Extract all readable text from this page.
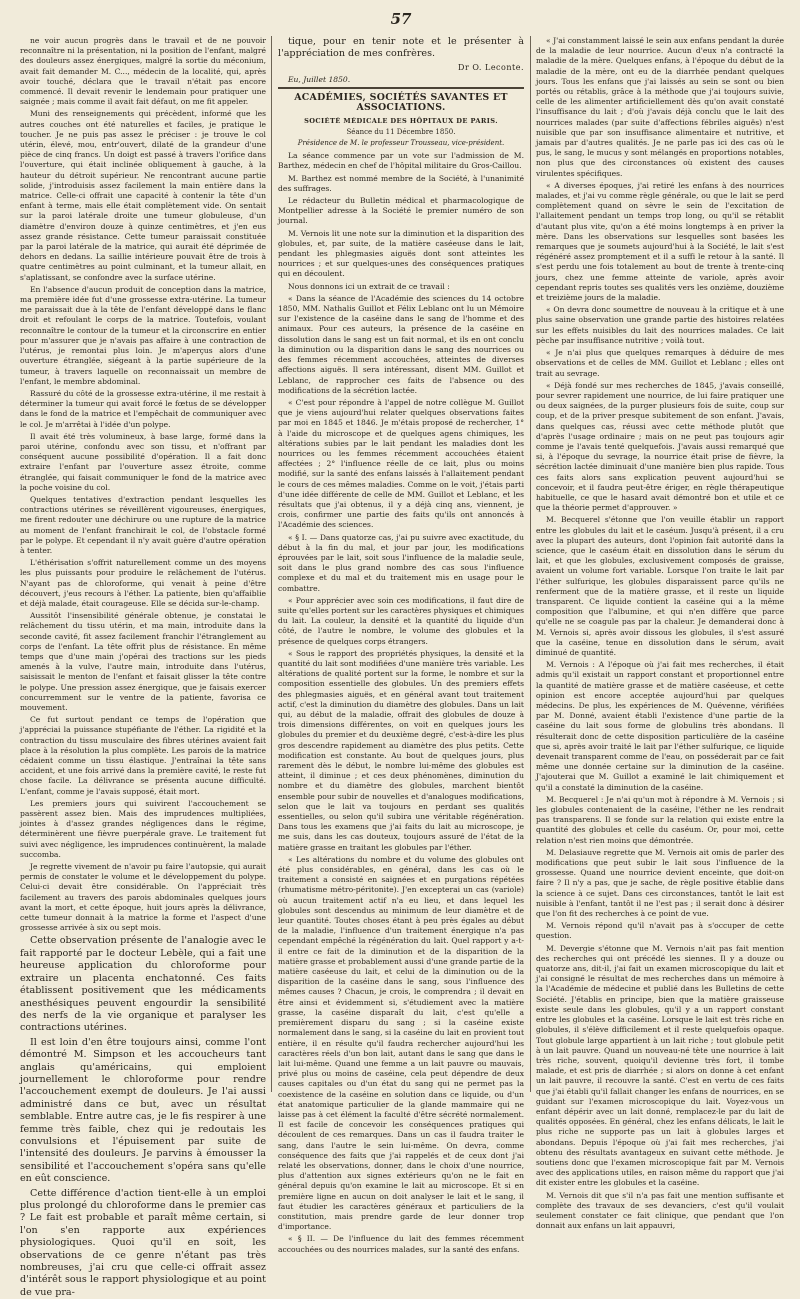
57

ne voir aucun progrès dans le travail et de ne pouvoir reconnaître ni la présentation, ni la position de l'enfant, malgré des douleurs assez énergiques, malgré la sortie du méconium, avait fait demander M. C..., médecin de la localité, qui, après avoir touché, déclara que le travail n'était pas encore commencé. Il devait revenir le lendemain pour pratiquer une saignée ; mais comme il avait fait défaut, on me fit appeler.

Muni des renseignements qui précèdent, informé que les autres couches ont été naturelles et faciles, je pratique le toucher. Je ne puis pas assez le préciser : je trouve le col utérin, élevé, mou, entr'ouvert, dilaté de la grandeur d'une pièce de cinq francs. Un doigt est passé à travers l'orifice dans l'ouverture, qui était inclinée obliquement à gauche, à la hauteur du détroit supérieur. Ne rencontrant aucune partie solide, j'introduisis assez facilement la main entière dans la matrice. Celle-ci offrait une capacité à contenir la tête d'un enfant à terme, mais elle était complètement vide. On sentait sur la paroi latérale droite une tumeur globuleuse, d'un diamètre d'environ douze à quinze centimètres, et j'en eus assez grande résistance. Cette tumeur paraissait constituée par la paroi latérale de la matrice, qui aurait été déprimée de dehors en dedans. La saillie intérieure pouvait être de trois à quatre centimètres au point culminant, et la tumeur allait, en s'aplatissant, se confondre avec la surface utérine.

En l'absence d'aucun produit de conception dans la matrice, ma première idée fut d'une grossesse extra-utérine. La tumeur me paraissait due à la tête de l'enfant développé dans le flanc droit et refoulant le corps de la matrice. Toutefois, voulant reconnaître le contour de la tumeur et la circonscrire en entier pour m'assurer que je n'avais pas affaire à une contraction de l'utérus, je remontai plus loin. Je m'aperçus alors d'une ouverture étranglée, siégeant à la partie supérieure de la tumeur, à travers laquelle on reconnaissait un membre de l'enfant, le membre abdominal.

Rassuré du côté de la grossesse extra-utérine, il me restait à déterminer la tumeur qui avait forcé le fœtus de se développer dans le fond de la matrice et l'empêchait de communiquer avec le col. Je m'arrêtai à l'idée d'un polype.

Il avait été très volumineux, à base large, formé dans la paroi utérine, confondu avec son tissu, et n'offrant par conséquent aucune possibilité d'opération. Il a fait donc extraire l'enfant par l'ouverture assez étroite, comme étranglée, qui faisait communiquer le fond de la matrice avec la poche voisine du col.

Quelques tentatives d'extraction pendant lesquelles les contractions utérines se réveillèrent vigoureuses, énergiques, me firent redouter une déchirure ou une rupture de la matrice au moment de l'enfant franchirait le col, de l'obstacle formé par le polype. Et cependant il n'y avait guère d'autre opération à tenter.

L'éthérisation s'offrit naturellement comme un des moyens les plus puissants pour produire le relâchement de l'utérus. N'ayant pas de chloroforme, qui venait à peine d'être découvert, j'eus recours à l'éther. La patiente, bien qu'affaiblie et déjà malade, était courageuse. Elle se décida sur-le-champ.

Aussitôt l'insensibilité générale obtenue, je constatai le relâchement du tissu utérin, et ma main, introduite dans la seconde cavité, fit assez facilement franchir l'étranglement au corps de l'enfant. La tête offrit plus de résistance. En même temps que d'une main j'opérai des tractions sur les pieds amenés à la vulve, l'autre main, introduite dans l'utérus, saisissait le menton de l'enfant et faisait glisser la tête contre le polype. Une pression assez énergique, que je faisais exercer concurremment sur le ventre de la patiente, favorisa ce mouvement.

Ce fut surtout pendant ce temps de l'opération que j'appréciai la puissance stupéfiante de l'éther. La rigidité et la contraction du tissu musculaire des fibres utérines avaient fait place à la résolution la plus complète. Les parois de la matrice cédaient comme un tissu élastique. J'entraînai la tête sans accident, et une fois arrivé dans la première cavité, le reste fut chose facile. La délivrance se présenta aucune difficulté. L'enfant, comme je l'avais supposé, était mort.

Les premiers jours qui suivirent l'accouchement se passèrent assez bien. Mais des imprudences multipliées, jointes à d'assez grandes négligences dans le régime, déterminèrent une fièvre puerpérale grave. Le traitement fut suivi avec négligence, les imprudences continuèrent, la malade succomba.

Je regrette vivement de n'avoir pu faire l'autopsie, qui aurait permis de constater le volume et le développement du polype. Celui-ci devait être considérable. On l'appréciait très facilement au travers des parois abdominales quelques jours avant la mort, et cette époque, huit jours après la délivrance, cette tumeur donnait à la matrice la forme et l'aspect d'une grossesse arrivée à six ou sept mois.

Cette observation présente de l'analogie avec le fait rapporté par le docteur Lebèle, qui a fait une heureuse application du chloroforme pour extraire un placenta enchatonné. Ces faits établissent positivement que les médicaments anesthésiques peuvent engourdir la sensibilité des nerfs de la vie organique et paralyser les contractions utérines.

Il est loin d'en être toujours ainsi, comme l'ont démontré M. Simpson et les accoucheurs tant anglais qu'américains, qui emploient journellement le chloroforme pour rendre l'accouchement exempt de douleurs. Je l'ai aussi administré dans ce but, avec un résultat semblable. Entre autre cas, je le fis respirer à une femme très faible, chez qui je redoutais les convulsions et l'épuisement par suite de l'intensité des douleurs. Je parvins à émousser la sensibilité et l'accouchement s'opéra sans qu'elle en eût conscience.

Cette différence d'action tient-elle à un emploi plus prolongé du chloroforme dans le premier cas ? Le fait est probable et paraît même certain, si l'on s'en rapporte aux expériences physiologiques. Quoi qu'il en soit, les observations de ce genre n'étant pas très nombreuses, j'ai cru que celle-ci offrait assez d'intérêt sous le rapport physiologique et au point de vue pra-

tique, pour en tenir note et le présenter à l'appréciation de mes confrères.

Dr O. Leconte.

Eu, Juillet 1850.

ACADÉMIES, SOCIÉTÉS SAVANTES ET ASSOCIATIONS.
SOCIÉTÉ MÉDICALE DES HÔPITAUX DE PARIS.
Séance du 11 Décembre 1850.
Présidence de M. le professeur Trousseau, vice-président.

La séance commence par un vote sur l'admission de M. Barthez, médecin en chef de l'hôpital militaire du Gros-Caillou.

M. Barthez est nommé membre de la Société, à l'unanimité des suffrages.

Le rédacteur du Bulletin médical et pharmacologique de Montpellier adresse à la Société le premier numéro de son journal.

M. Vernois lit une note sur la diminution et la disparition des globules, et, par suite, de la matière caséeuse dans le lait, pendant les phlegmasies aiguës dont sont atteintes les nourrices ; et sur quelques-unes des conséquences pratiques qui en découlent.

Nous donnons ici un extrait de ce travail :

« Dans la séance de l'Académie des sciences du 14 octobre 1850, MM. Nathalis Guillot et Félix Leblanc ont lu un Mémoire sur l'existence de la caséine dans le sang de l'homme et des animaux. Pour ces auteurs, la présence de la caséine en dissolution dans le sang est un fait normal, et ils en ont conclu la diminution ou la disparition dans le sang des nourrices ou des femmes récemment accouchées, atteintes de diverses affections aiguës. Il sera intéressant, disent MM. Guillot et Leblanc, de rapprocher ces faits de l'absence ou des modifications de la sécrétion lactée.

« C'est pour répondre à l'appel de notre collègue M. Guillot que je viens aujourd'hui relater quelques observations faites par moi en 1845 et 1846. Je m'étais proposé de rechercher, 1° à l'aide du microscope et de quelques agens chimiques, les altérations subies par le lait pendant les maladies dont les nourrices ou les femmes récemment accouchées étaient affectées ; 2° l'influence réelle de ce lait, plus ou moins modifié, sur la santé des enfans laissés à l'allaitement pendant le cours de ces mêmes maladies. Comme on le voit, j'étais parti d'une idée différente de celle de MM. Guillot et Leblanc, et les résultats que j'ai obtenus, il y a déjà cinq ans, viennent, je crois, confirmer une partie des faits qu'ils ont annoncés à l'Académie des sciences.

« § I. — Dans quatorze cas, j'ai pu suivre avec exactitude, du début à la fin du mal, et jour par jour, les modifications éprouvées par le lait, soit sous l'influence de la maladie seule, soit dans le plus grand nombre des cas sous l'influence complexe et du mal et du traitement mis en usage pour le combattre.

« Pour apprécier avec soin ces modifications, il faut dire de suite qu'elles portent sur les caractères physiques et chimiques du lait. La couleur, la densité et la quantité du liquide d'un côté, de l'autre le nombre, le volume des globules et la présence de quelques corps étrangers.

« Sous le rapport des propriétés physiques, la densité et la quantité du lait sont modifiées d'une manière très variable. Les altérations de qualité portent sur la forme, le nombre et sur la composition essentielle des globules. Un des premiers effets des phlegmasies aiguës, et en général avant tout traitement actif, c'est la diminution du diamètre des globules. Dans un lait qui, au début de la maladie, offrait des globules de douze à trois dimensions différentes, on voit en quelques jours les globules du premier et du deuxième degré, c'est-à-dire les plus gros descendre rapidement au diamètre des plus petits. Cette modification est constante. Au bout de quelques jours, plus rarement dès le début, le nombre lui-même des globules est atteint, il diminue ; et ces deux phénomènes, diminution du nombre et du diamètre des globules, marchent bientôt ensemble pour subir de nouvelles et d'analogues modifications, selon que le lait va toujours en perdant ses qualités essentielles, ou selon qu'il subira une véritable régénération. Dans tous les examens que j'ai faits du lait au microscope, je me suis, dans les cas douteux, toujours assuré de l'état de la matière grasse en traitant les globules par l'éther.

« Les altérations du nombre et du volume des globules ont été plus considérables, en général, dans les cas où le traitement a consisté en saignées et en purgations répétées (rhumatisme métro-péritonite). J'en excepterai un cas (variole) où aucun traitement actif n'a eu lieu, et dans lequel les globules sont descendus au minimum de leur diamètre et de leur quantité. Toutes choses étant à peu près égales au début de la maladie, l'influence d'un traitement énergique n'a pas cependant empêché la régénération du lait. Quel rapport y a-t-il entre ce fait de la diminution et de la disparition de la matière grasse et probablement aussi d'une grande partie de la matière caséeuse du lait, et celui de la diminution ou de la disparition de la caséine dans le sang, sous l'influence des mêmes causes ? Chacun, je crois, le comprendra ; il devait en être ainsi et évidemment si, s'étudiement avec la matière grasse, la caséine disparaît du lait, c'est qu'elle a premièrement disparu du sang ; si la caséine existe normalement dans le sang, si la caséine du lait en provient tout entière, il en résulte qu'il faudra rechercher aujourd'hui les caractères réels d'un bon lait, autant dans le sang que dans le lait lui-même. Quand une femme a un lait pauvre ou mauvais, privé plus ou moins de caséine, cela peut dépendre de deux causes capitales ou d'un état du sang qui ne permet pas la coexistence de la caséine en solution dans ce liquide, ou d'un état anatomique particulier de la glande mammaire qui ne laisse pas à cet élément la faculté d'être sécrété normalement. Il est facile de concevoir les conséquences pratiques qui découlent de ces remarques. Dans un cas il faudra traiter le sang, dans l'autre le sein lui-même. On devra, comme conséquence des faits que j'ai rappelés et de ceux dont j'ai relaté les observations, donner, dans le choix d'une nourrice, plus d'attention aux signes extérieurs qu'on ne le fait en général depuis qu'on examine le lait au microscope. Et si en première ligne en aucun on doit analyser le lait et le sang, il faut étudier les caractères généraux et particuliers de la constitution, mais prendre garde de leur donner trop d'importance.

« § II. — De l'influence du lait des femmes récemment accouchées ou des nourrices malades, sur la santé des enfans.

« J'ai constamment laissé le sein aux enfans pendant la durée de la maladie de leur nourrice. Aucun d'eux n'a contracté la maladie de la mère. Quelques enfans, à l'époque du début de la maladie de la mère, ont eu de la diarrhée pendant quelques jours. Tous les enfans que j'ai laissés au sein se sont ou bien portés ou rétablis, grâce à la méthode que j'ai toujours suivie, celle de les alimenter artificiellement dès qu'on avait constaté l'insuffisance du lait ; d'où j'avais déjà conclu que le lait des nourrices malades (par suite d'affections fébriles aiguës) n'est nuisible que par son insuffisance alimentaire et nutritive, et jamais par d'autres qualités. Je ne parle pas ici des cas où le pus, le sang, le mucus y sont mélangés en proportions notables, non plus que des circonstances où existent des causes virulentes spécifiques.

« A diverses époques, j'ai retiré les enfans à des nourrices malades, et j'ai vu comme règle générale, ou que le lait se perd complètement quand on sèvre le sein de l'excitation de l'allaitement pendant un temps trop long, ou qu'il se rétablit d'autant plus vite, qu'on a été moins longtemps à en priver la mère. Dans les observations sur lesquelles sont basées les remarques que je soumets aujourd'hui à la Société, le lait s'est régénéré assez promptement et il a suffi le retour à la santé. Il s'est perdu une fois totalement au bout de trente à trente-cinq jours, chez une femme atteinte de variole, après avoir cependant repris toutes ses qualités vers les onzième, douzième et treizième jours de la maladie.

« On devra donc soumettre de nouveau à la critique et à une plus saine observation une grande partie des histoires relatées sur les effets nuisibles du lait des nourrices malades. Ce lait pèche par insuffisance nutritive ; voilà tout.

« Je n'ai plus que quelques remarques à déduire de mes observations et de celles de MM. Guillot et Leblanc ; elles ont trait au sevrage.

« Déjà fondé sur mes recherches de 1845, j'avais conseillé, pour sevrer rapidement une nourrice, de lui faire pratiquer une ou deux saignées, de la purger plusieurs fois de suite, coup sur coup, et de la priver presque subitement de son enfant. J'avais, dans quelques cas, réussi avec cette méthode plutôt que d'après l'usage ordinaire ; mais on ne peut pas toujours agir comme je l'avais tenté quelquefois. J'avais aussi remarqué que si, à l'époque du sevrage, la nourrice était prise de fièvre, la sécrétion lactée diminuait d'une manière bien plus rapide. Tous ces faits alors sans explication peuvent aujourd'hui se concevoir, et il faudra peut-être ériger, en règle thérapeutique habituelle, ce que le hasard avait démontré bon et utile et ce que la théorie permet d'approuver. »

M. Becquerel s'étonne que l'on veuille établir un rapport entre les globules du lait et le caséum. Jusqu'à présent, il a cru avec la plupart des auteurs, dont l'opinion fait autorité dans la science, que le caséum était en dissolution dans le sérum du lait, et que les globules, exclusivement composés de graisse, avaient un volume fort variable. Lorsque l'on traite le lait par l'éther sulfurique, les globules disparaissent parce qu'ils ne renferment que de la matière grasse, et il reste un liquide transparent. Ce liquide contient la caséine qui a la même composition que l'albumine, et qui n'en diffère que parce qu'elle ne se coagule pas par la chaleur. Je demanderai donc à M. Vernois si, après avoir dissous les globules, il s'est assuré que la caséine, tenue en dissolution dans le sérum, avait diminué de quantité.

M. Vernois : A l'époque où j'ai fait mes recherches, il était admis qu'il existait un rapport constant et proportionnel entre la quantité de matière grasse et de matière caséeuse, et cette opinion est encore acceptée aujourd'hui par quelques médecins. De plus, les expériences de M. Quévenne, vérifiées par M. Donné, avaient établi l'existence d'une partie de la caséine du lait sous forme de globulins très abondans. Il résulterait donc de cette disposition particulière de la caséine que si, après avoir traité le lait par l'éther sulfurique, ce liquide devenait transparent comme de l'eau, on posséderait par ce fait même une donnée certaine sur la diminution de la caséine. J'ajouterai que M. Guillot a examiné le lait chimiquement et qu'il a constaté la diminution de la caséine.

M. Becquerel : Je n'ai qu'un mot à répondre à M. Vernois ; si les globules contenaient de la caséine, l'éther ne les rendrait pas transparens. Il se fonde sur la relation qui existe entre la quantité des globules et celle du caséum. Or, pour moi, cette relation n'est rien moins que démontrée.

M. Delasiauve regrette que M. Vernois ait omis de parler des modifications que peut subir le lait sous l'influence de la grossesse. Quand une nourrice devient enceinte, que doit-on faire ? Il n'y a pas, que je sache, de règle positive établie dans la science à ce sujet. Dans ces circonstances, tantôt le lait est nuisible à l'enfant, tantôt il ne l'est pas ; il serait donc à désirer que l'on fit des recherches à ce point de vue.

M. Vernois répond qu'il n'avait pas à s'occuper de cette question.

M. Devergie s'étonne que M. Vernois n'ait pas fait mention des recherches qui ont précédé les siennes. Il y a douze ou quatorze ans, dit-il, j'ai fait un examen microscopique du lait et j'ai consigné le résultat de mes recherches dans un mémoire à la l'Académie de médecine et publié dans les Bulletins de cette Société. J'établis en principe, bien que la matière graisseuse existe seule dans les globules, qu'il y a un rapport constant entre les globules et la caséine. Lorsque le lait est très riche en globules, il s'élève difficilement et il reste quelquefois opaque. Tout globule large appartient à un lait riche ; tout globule petit à un lait pauvre. Quand un nouveau-né tète une nourrice à lait très riche, souvent, quoiqu'il devienne très fort, il tombe malade, et est pris de diarrhée ; si alors on donne à cet enfant un lait pauvre, il recouvre la santé. C'est en vertu de ces faits que j'ai établi qu'il fallait changer les enfans de nourrices, en se guidant sur l'examen microscopique du lait. Voyez-vous un enfant dépérir avec un lait donné, remplacez-le par du lait de qualités opposées. En général, chez les enfans délicats, le lait le plus riche ne supporte pas un lait à globules larges et abondans. Depuis l'époque où j'ai fait mes recherches, j'ai obtenu des résultats avantageux en suivant cette méthode. Je soutiens donc que l'examen microscopique fait par M. Vernois avec des applications utiles, en raison même du rapport que j'ai dit exister entre les globules et la caséine.

M. Vernois dit que s'il n'a pas fait une mention suffisante et complète des travaux de ses devanciers, c'est qu'il voulait seulement constater ce fait clinique, que pendant que l'on donnait aux enfans un lait appauvri,
